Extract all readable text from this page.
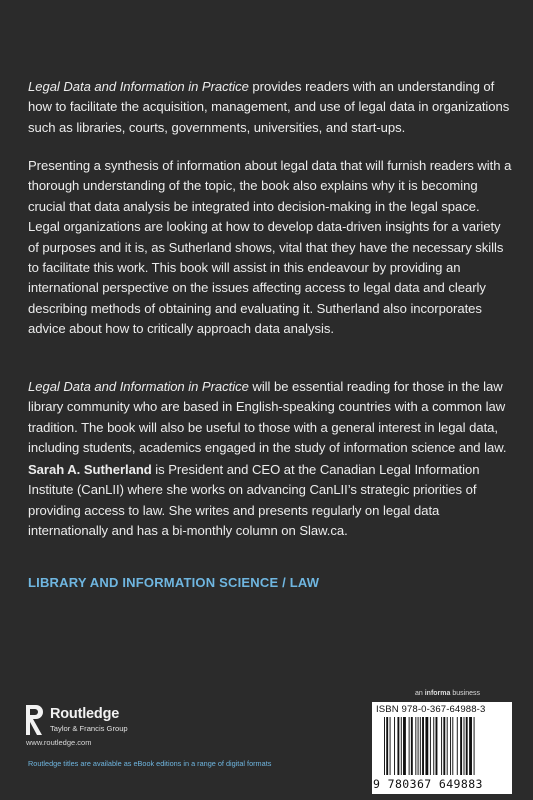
Legal Data and Information in Practice provides readers with an understanding of how to facilitate the acquisition, management, and use of legal data in organizations such as libraries, courts, governments, universities, and start-ups.
Presenting a synthesis of information about legal data that will furnish readers with a thorough understanding of the topic, the book also explains why it is becoming crucial that data analysis be integrated into decision-making in the legal space. Legal organizations are looking at how to develop data-driven insights for a variety of purposes and it is, as Sutherland shows, vital that they have the necessary skills to facilitate this work. This book will assist in this endeavour by providing an international perspective on the issues affecting access to legal data and clearly describing methods of obtaining and evaluating it. Sutherland also incorporates advice about how to critically approach data analysis.
Legal Data and Information in Practice will be essential reading for those in the law library community who are based in English-speaking countries with a common law tradition. The book will also be useful to those with a general interest in legal data, including students, academics engaged in the study of information science and law.
Sarah A. Sutherland is President and CEO at the Canadian Legal Information Institute (CanLII) where she works on advancing CanLII’s strategic priorities of providing access to law. She writes and presents regularly on legal data internationally and has a bi-monthly column on Slaw.ca.
LIBRARY AND INFORMATION SCIENCE / LAW
Routledge
Taylor & Francis Group
www.routledge.com
Routledge titles are available as eBook editions in a range of digital formats
an informa business
ISBN 978-0-367-64988-3
9 780367 649883
